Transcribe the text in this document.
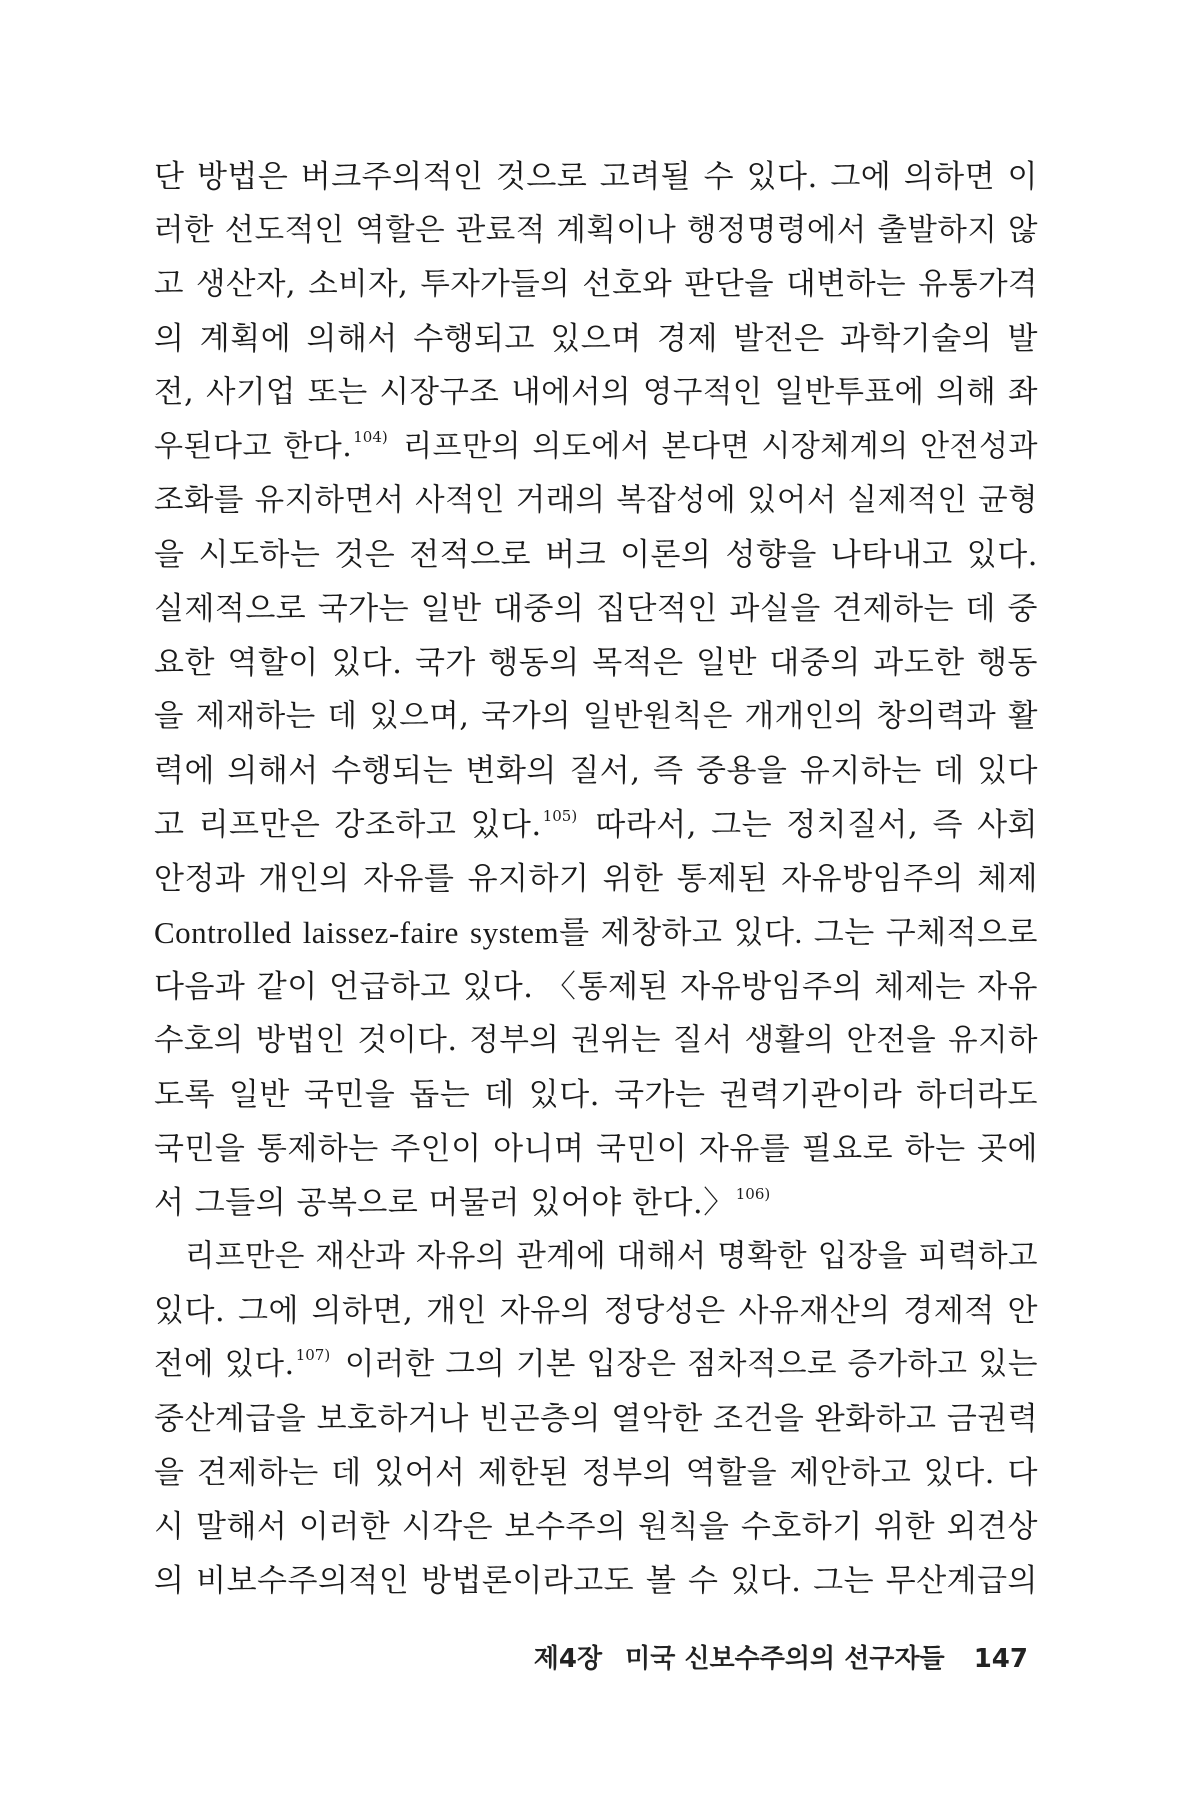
단 방법은 버크주의적인 것으로 고려될 수 있다. 그에 의하면 이
러한 선도적인 역할은 관료적 계획이나 행정명령에서 출발하지 않
고 생산자, 소비자, 투자가들의 선호와 판단을 대변하는 유통가격
의 계획에 의해서 수행되고 있으며 경제 발전은 과학기술의 발
전, 사기업 또는 시장구조 내에서의 영구적인 일반투표에 의해 좌
우된다고 한다.$^{104)}$ 리프만의 의도에서 본다면 시장체계의 안전성과
조화를 유지하면서 사적인 거래의 복잡성에 있어서 실제적인 균형
을 시도하는 것은 전적으로 버크 이론의 성향을 나타내고 있다.
실제적으로 국가는 일반 대중의 집단적인 과실을 견제하는 데 중
요한 역할이 있다. 국가 행동의 목적은 일반 대중의 과도한 행동
을 제재하는 데 있으며, 국가의 일반원칙은 개개인의 창의력과 활
력에 의해서 수행되는 변화의 질서, 즉 중용을 유지하는 데 있다
고 리프만은 강조하고 있다.$^{105)}$ 따라서, 그는 정치질서, 즉 사회
안정과 개인의 자유를 유지하기 위한 통제된 자유방임주의 체제
Controlled laissez-faire system를 제창하고 있다. 그는 구체적으로
다음과 같이 언급하고 있다. 〈통제된 자유방임주의 체제는 자유
수호의 방법인 것이다. 정부의 권위는 질서 생활의 안전을 유지하
도록 일반 국민을 돕는 데 있다. 국가는 권력기관이라 하더라도
국민을 통제하는 주인이 아니며 국민이 자유를 필요로 하는 곳에
서 그들의 공복으로 머물러 있어야 한다.〉$^{106)}$
리프만은 재산과 자유의 관계에 대해서 명확한 입장을 피력하고
있다. 그에 의하면, 개인 자유의 정당성은 사유재산의 경제적 안
전에 있다.$^{107)}$ 이러한 그의 기본 입장은 점차적으로 증가하고 있는
중산계급을 보호하거나 빈곤층의 열악한 조건을 완화하고 금권력
을 견제하는 데 있어서 제한된 정부의 역할을 제안하고 있다. 다
시 말해서 이러한 시각은 보수주의 원칙을 수호하기 위한 외견상
의 비보수주의적인 방법론이라고도 볼 수 있다. 그는 무산계급의
제4장 미국 신보수주의의 선구자들 147
